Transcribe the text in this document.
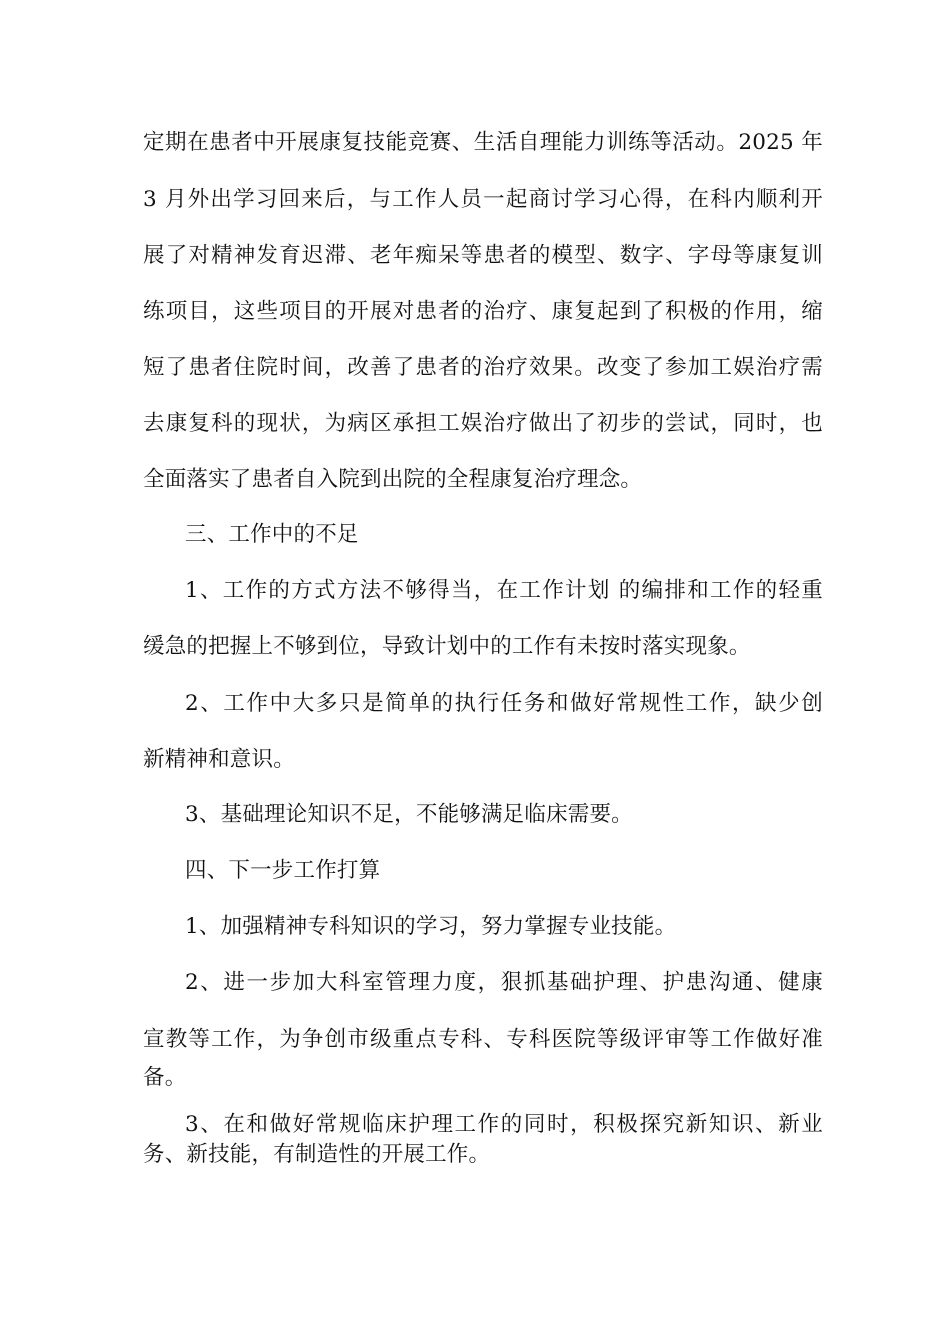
定期在患者中开展康复技能竞赛、生活自理能力训练等活动。2025 年
3 月外出学习回来后，与工作人员一起商讨学习心得，在科内顺利开
展了对精神发育迟滞、老年痴呆等患者的模型、数字、字母等康复训
练项目，这些项目的开展对患者的治疗、康复起到了积极的作用，缩
短了患者住院时间，改善了患者的治疗效果。改变了参加工娱治疗需
去康复科的现状，为病区承担工娱治疗做出了初步的尝试，同时，也
全面落实了患者自入院到出院的全程康复治疗理念。
三、工作中的不足
1、工作的方式方法不够得当，在工作计划 的编排和工作的轻重
缓急的把握上不够到位，导致计划中的工作有未按时落实现象。
2、工作中大多只是简单的执行任务和做好常规性工作，缺少创
新精神和意识。
3、基础理论知识不足，不能够满足临床需要。
四、下一步工作打算
1、加强精神专科知识的学习，努力掌握专业技能。
2、进一步加大科室管理力度，狠抓基础护理、护患沟通、健康
宣教等工作，为争创市级重点专科、专科医院等级评审等工作做好准
备。
3、在和做好常规临床护理工作的同时，积极探究新知识、新业
务、新技能，有制造性的开展工作。
